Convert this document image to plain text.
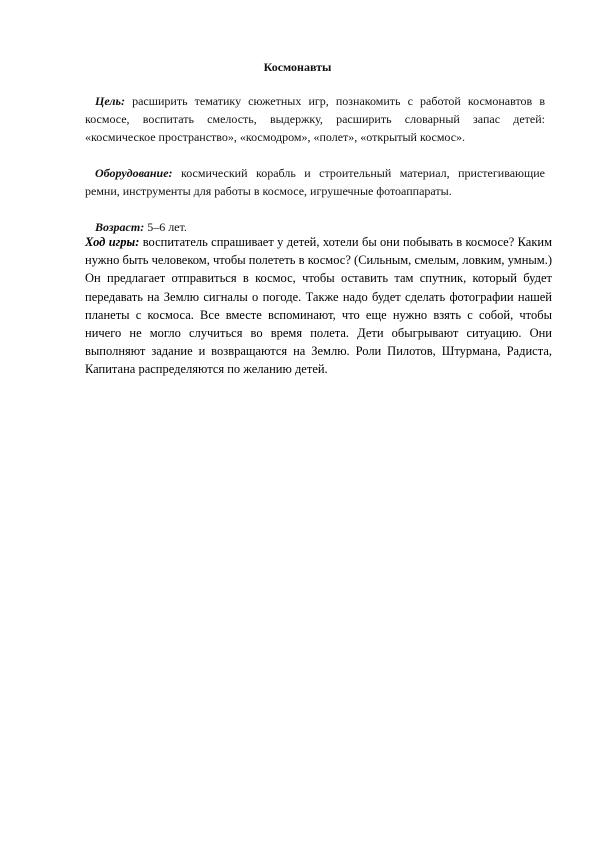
Космонавты
Цель: расширить тематику сюжетных игр, познакомить с работой космонавтов в космосе, воспитать смелость, выдержку, расширить словарный запас детей: «космическое пространство», «космодром», «полет», «открытый космос».
Оборудование: космический корабль и строительный материал, пристегивающие ремни, инструменты для работы в космосе, игрушечные фотоаппараты.
Возраст: 5–6 лет.
Ход игры: воспитатель спрашивает у детей, хотели бы они побывать в космосе? Каким нужно быть человеком, чтобы полететь в космос? (Сильным, смелым, ловким, умным.) Он предлагает отправиться в космос, чтобы оставить там спутник, который будет передавать на Землю сигналы о погоде. Также надо будет сделать фотографии нашей планеты с космоса. Все вместе вспоминают, что еще нужно взять с собой, чтобы ничего не могло случиться во время полета. Дети обыгрывают ситуацию. Они выполняют задание и возвращаются на Землю. Роли Пилотов, Штурмана, Радиста, Капитана распределяются по желанию детей.
